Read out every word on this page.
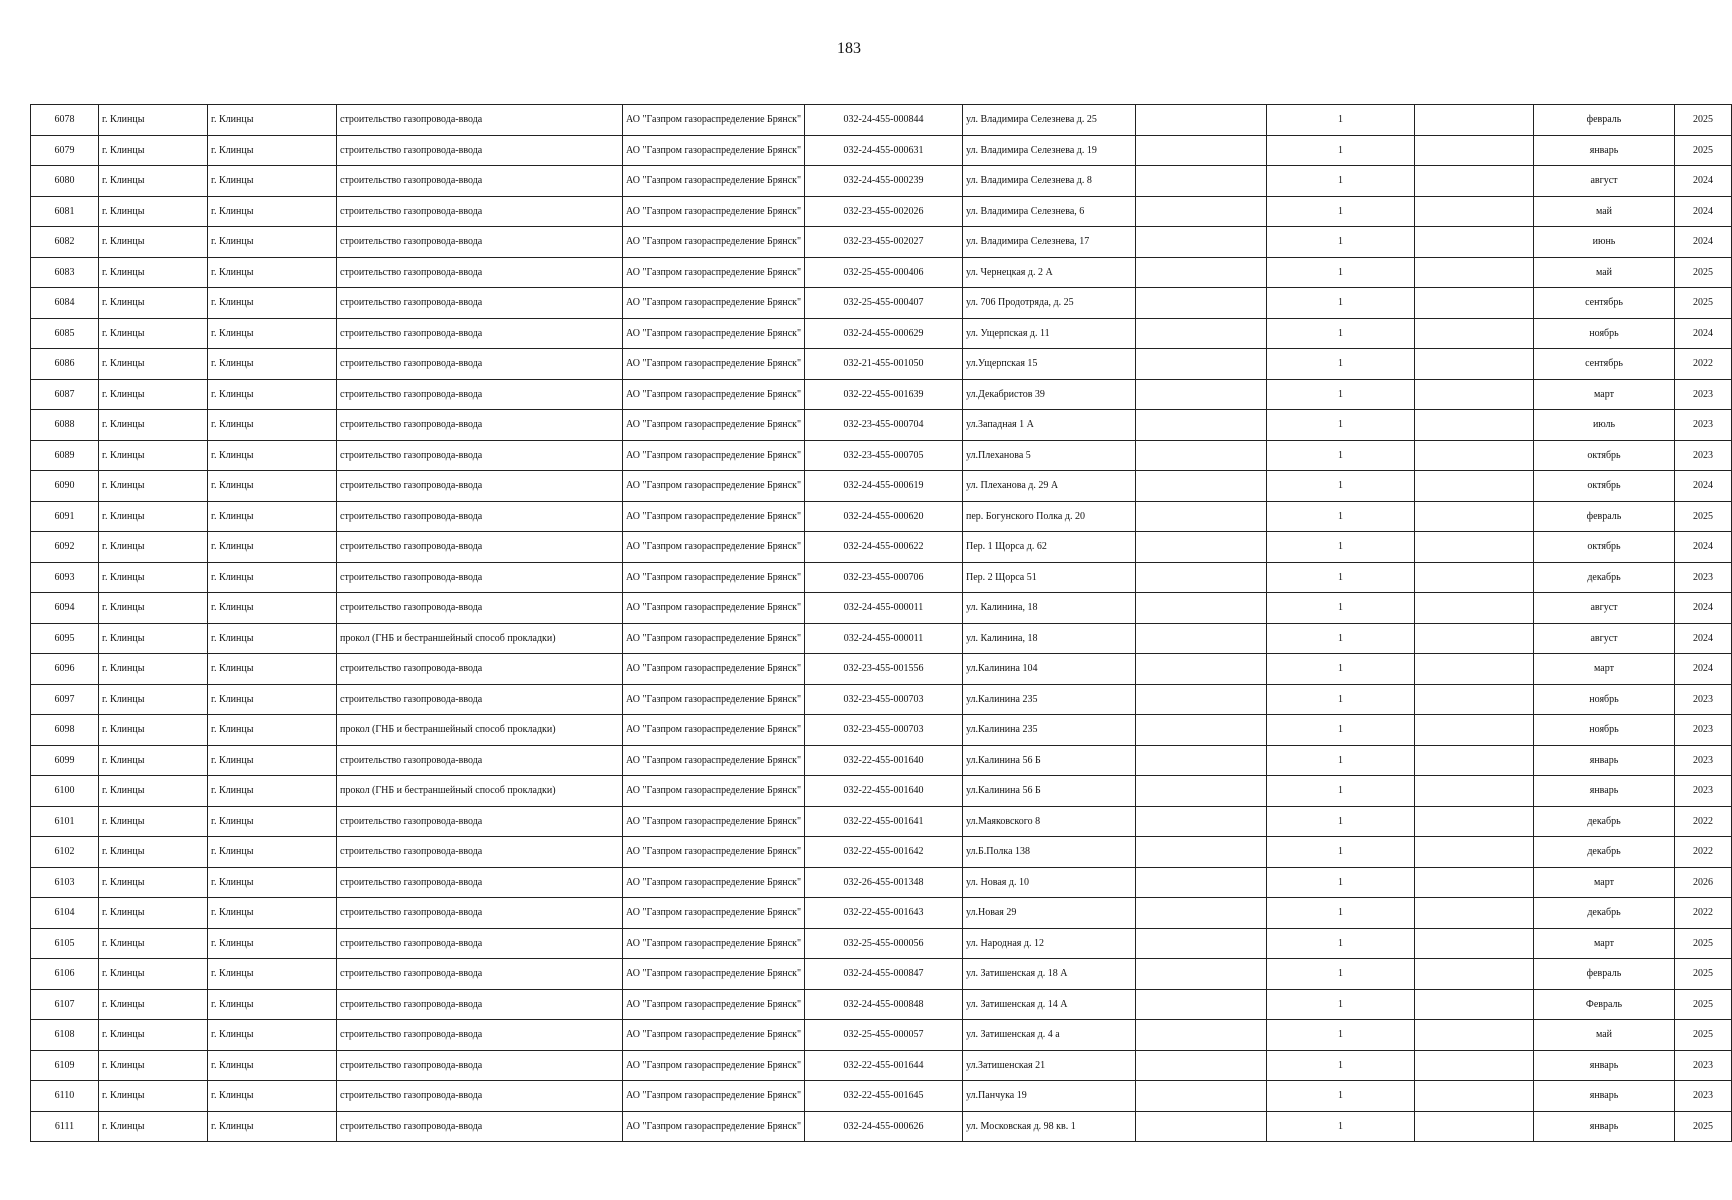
183
6078	г. Клинцы	г. Клинцы	строительство газопровода-ввода	АО "Газпром газораспределение Брянск"	032-24-455-000844	ул. Владимира Селезнева д. 25		1		февраль	2025
6079	г. Клинцы	г. Клинцы	строительство газопровода-ввода	АО "Газпром газораспределение Брянск"	032-24-455-000631	ул. Владимира Селезнева д. 19		1		январь	2025
6080	г. Клинцы	г. Клинцы	строительство газопровода-ввода	АО "Газпром газораспределение Брянск"	032-24-455-000239	ул. Владимира Селезнева д. 8		1		август	2024
6081	г. Клинцы	г. Клинцы	строительство газопровода-ввода	АО "Газпром газораспределение Брянск"	032-23-455-002026	ул. Владимира Селезнева, 6		1		май	2024
6082	г. Клинцы	г. Клинцы	строительство газопровода-ввода	АО "Газпром газораспределение Брянск"	032-23-455-002027	ул. Владимира Селезнева, 17		1		июнь	2024
6083	г. Клинцы	г. Клинцы	строительство газопровода-ввода	АО "Газпром газораспределение Брянск"	032-25-455-000406	ул. Чернецкая д. 2 А		1		май	2025
6084	г. Клинцы	г. Клинцы	строительство газопровода-ввода	АО "Газпром газораспределение Брянск"	032-25-455-000407	ул. 706 Продотряда, д. 25		1		сентябрь	2025
6085	г. Клинцы	г. Клинцы	строительство газопровода-ввода	АО "Газпром газораспределение Брянск"	032-24-455-000629	ул. Ущерпская д. 11		1		ноябрь	2024
6086	г. Клинцы	г. Клинцы	строительство газопровода-ввода	АО "Газпром газораспределение Брянск"	032-21-455-001050	ул.Ущерпская 15		1		сентябрь	2022
6087	г. Клинцы	г. Клинцы	строительство газопровода-ввода	АО "Газпром газораспределение Брянск"	032-22-455-001639	ул.Декабристов 39		1		март	2023
6088	г. Клинцы	г. Клинцы	строительство газопровода-ввода	АО "Газпром газораспределение Брянск"	032-23-455-000704	ул.Западная 1 А		1		июль	2023
6089	г. Клинцы	г. Клинцы	строительство газопровода-ввода	АО "Газпром газораспределение Брянск"	032-23-455-000705	ул.Плеханова 5		1		октябрь	2023
6090	г. Клинцы	г. Клинцы	строительство газопровода-ввода	АО "Газпром газораспределение Брянск"	032-24-455-000619	ул. Плеханова д. 29 А		1		октябрь	2024
6091	г. Клинцы	г. Клинцы	строительство газопровода-ввода	АО "Газпром газораспределение Брянск"	032-24-455-000620	пер. Богунского Полка д. 20		1		февраль	2025
6092	г. Клинцы	г. Клинцы	строительство газопровода-ввода	АО "Газпром газораспределение Брянск"	032-24-455-000622	Пер. 1 Щорса д. 62		1		октябрь	2024
6093	г. Клинцы	г. Клинцы	строительство газопровода-ввода	АО "Газпром газораспределение Брянск"	032-23-455-000706	Пер. 2 Щорса 51		1		декабрь	2023
6094	г. Клинцы	г. Клинцы	строительство газопровода-ввода	АО "Газпром газораспределение Брянск"	032-24-455-000011	ул. Калинина, 18		1		август	2024
6095	г. Клинцы	г. Клинцы	прокол (ГНБ и бестраншейный способ прокладки)	АО "Газпром газораспределение Брянск"	032-24-455-000011	ул. Калинина, 18		1		август	2024
6096	г. Клинцы	г. Клинцы	строительство газопровода-ввода	АО "Газпром газораспределение Брянск"	032-23-455-001556	ул.Калинина 104		1		март	2024
6097	г. Клинцы	г. Клинцы	строительство газопровода-ввода	АО "Газпром газораспределение Брянск"	032-23-455-000703	ул.Калинина 235		1		ноябрь	2023
6098	г. Клинцы	г. Клинцы	прокол (ГНБ и бестраншейный способ прокладки)	АО "Газпром газораспределение Брянск"	032-23-455-000703	ул.Калинина 235		1		ноябрь	2023
6099	г. Клинцы	г. Клинцы	строительство газопровода-ввода	АО "Газпром газораспределение Брянск"	032-22-455-001640	ул.Калинина 56 Б		1		январь	2023
6100	г. Клинцы	г. Клинцы	прокол (ГНБ и бестраншейный способ прокладки)	АО "Газпром газораспределение Брянск"	032-22-455-001640	ул.Калинина 56 Б		1		январь	2023
6101	г. Клинцы	г. Клинцы	строительство газопровода-ввода	АО "Газпром газораспределение Брянск"	032-22-455-001641	ул.Маяковского 8		1		декабрь	2022
6102	г. Клинцы	г. Клинцы	строительство газопровода-ввода	АО "Газпром газораспределение Брянск"	032-22-455-001642	ул.Б.Полка 138		1		декабрь	2022
6103	г. Клинцы	г. Клинцы	строительство газопровода-ввода	АО "Газпром газораспределение Брянск"	032-26-455-001348	ул. Новая д. 10		1		март	2026
6104	г. Клинцы	г. Клинцы	строительство газопровода-ввода	АО "Газпром газораспределение Брянск"	032-22-455-001643	ул.Новая 29		1		декабрь	2022
6105	г. Клинцы	г. Клинцы	строительство газопровода-ввода	АО "Газпром газораспределение Брянск"	032-25-455-000056	ул. Народная д. 12		1		март	2025
6106	г. Клинцы	г. Клинцы	строительство газопровода-ввода	АО "Газпром газораспределение Брянск"	032-24-455-000847	ул. Затишенская д. 18 А		1		февраль	2025
6107	г. Клинцы	г. Клинцы	строительство газопровода-ввода	АО "Газпром газораспределение Брянск"	032-24-455-000848	ул. Затишенская д. 14 А		1		Февраль	2025
6108	г. Клинцы	г. Клинцы	строительство газопровода-ввода	АО "Газпром газораспределение Брянск"	032-25-455-000057	ул. Затишенская д. 4 а		1		май	2025
6109	г. Клинцы	г. Клинцы	строительство газопровода-ввода	АО "Газпром газораспределение Брянск"	032-22-455-001644	ул.Затишенская 21		1		январь	2023
6110	г. Клинцы	г. Клинцы	строительство газопровода-ввода	АО "Газпром газораспределение Брянск"	032-22-455-001645	ул.Панчука 19		1		январь	2023
6111	г. Клинцы	г. Клинцы	строительство газопровода-ввода	АО "Газпром газораспределение Брянск"	032-24-455-000626	ул. Московская д. 98 кв. 1		1		январь	2025
